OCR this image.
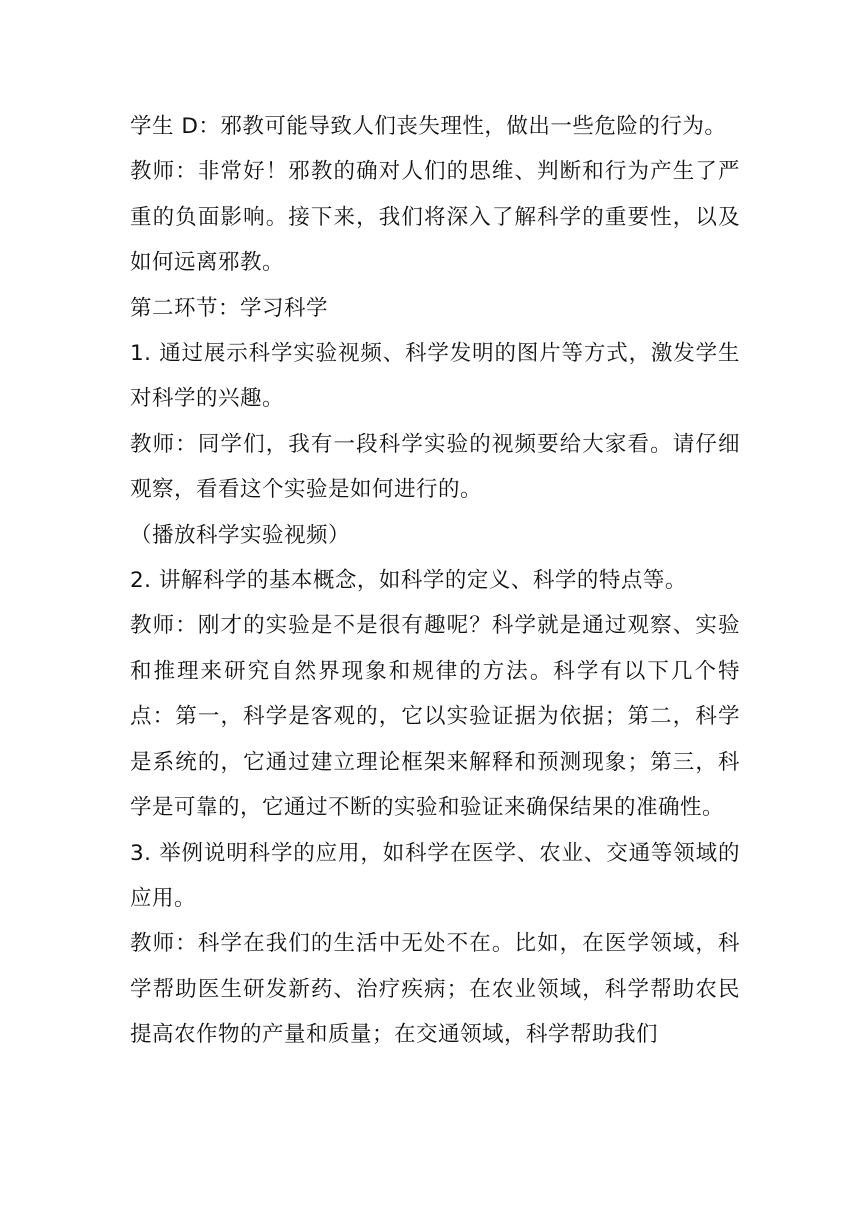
学生 D：邪教可能导致人们丧失理性，做出一些危险的行为。

教师：非常好！邪教的确对人们的思维、判断和行为产生了严重的负面影响。接下来，我们将深入了解科学的重要性，以及如何远离邪教。

第二环节：学习科学

1. 通过展示科学实验视频、科学发明的图片等方式，激发学生对科学的兴趣。

教师：同学们，我有一段科学实验的视频要给大家看。请仔细观察，看看这个实验是如何进行的。

（播放科学实验视频）

2. 讲解科学的基本概念，如科学的定义、科学的特点等。

教师：刚才的实验是不是很有趣呢？科学就是通过观察、实验和推理来研究自然界现象和规律的方法。科学有以下几个特点：第一，科学是客观的，它以实验证据为依据；第二，科学是系统的，它通过建立理论框架来解释和预测现象；第三，科学是可靠的，它通过不断的实验和验证来确保结果的准确性。

3. 举例说明科学的应用，如科学在医学、农业、交通等领域的应用。

教师：科学在我们的生活中无处不在。比如，在医学领域，科学帮助医生研发新药、治疗疾病；在农业领域，科学帮助农民提高农作物的产量和质量；在交通领域，科学帮助我们
